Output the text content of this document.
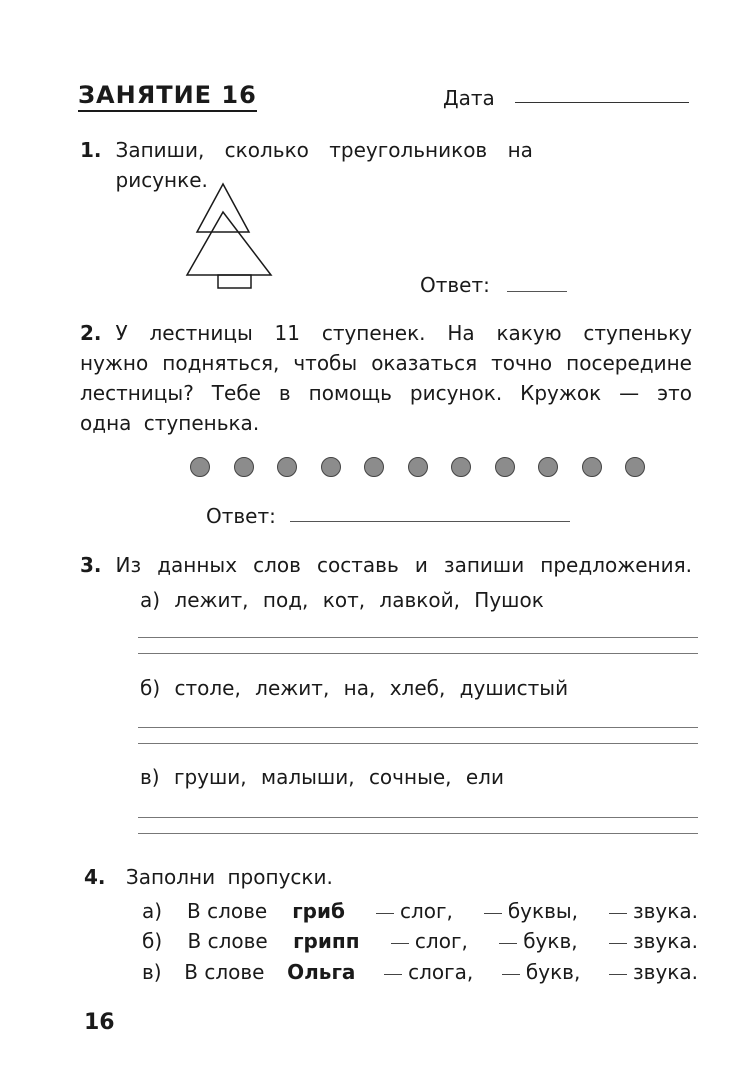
ЗАНЯТИЕ 16	Дата
1. Запиши, сколько треугольников на рисунке.
Ответ:
2. У лестницы 11 ступенек. На какую ступеньку
нужно подняться, чтобы оказаться точно посередине
лестницы? Тебе в помощь рисунок. Кружок — это
одна ступенька.
Ответ:
3. Из данных слов составь и запиши предложения.
а) лежит, под, кот, лавкой, Пушок
б) столе, лежит, на, хлеб, душистый
в) груши, малыши, сочные, ели
4. Заполни пропуски.
а) В слове гриб	слог,	буквы,	звука.
б) В слове грипп	слог,	букв,	звука.
в) В слове Ольга	слога,	букв,	звука.
16
